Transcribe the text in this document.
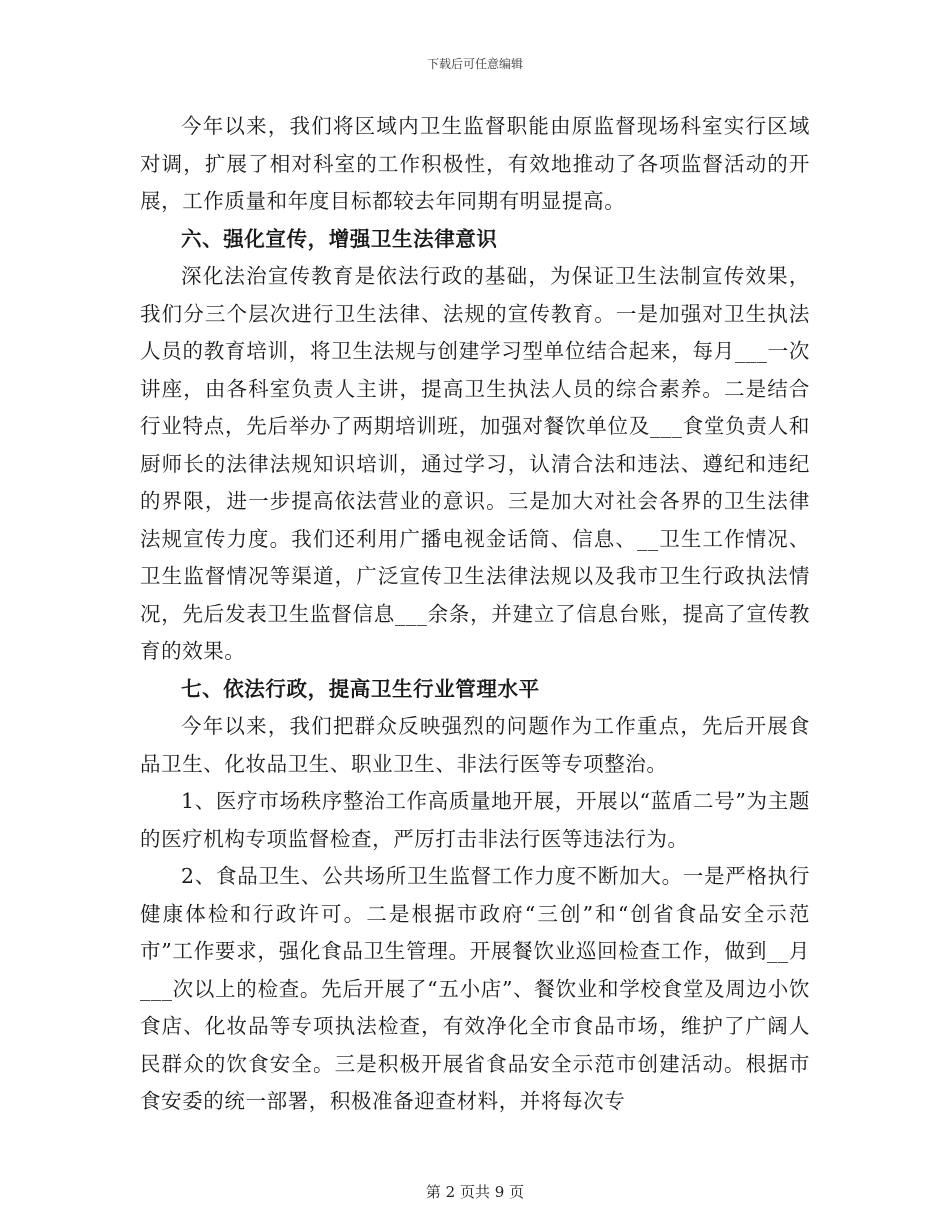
下载后可任意编辑

今年以来，我们将区域内卫生监督职能由原监督现场科室实行区域对调，扩展了相对科室的工作积极性，有效地推动了各项监督活动的开展，工作质量和年度目标都较去年同期有明显提高。

六、强化宣传，增强卫生法律意识

深化法治宣传教育是依法行政的基础，为保证卫生法制宣传效果，我们分三个层次进行卫生法律、法规的宣传教育。一是加强对卫生执法人员的教育培训，将卫生法规与创建学习型单位结合起来，每月___一次讲座，由各科室负责人主讲，提高卫生执法人员的综合素养。二是结合行业特点，先后举办了两期培训班，加强对餐饮单位及___食堂负责人和厨师长的法律法规知识培训，通过学习，认清合法和违法、遵纪和违纪的界限，进一步提高依法营业的意识。三是加大对社会各界的卫生法律法规宣传力度。我们还利用广播电视金话筒、信息、__卫生工作情况、卫生监督情况等渠道，广泛宣传卫生法律法规以及我市卫生行政执法情况，先后发表卫生监督信息___余条，并建立了信息台账，提高了宣传教育的效果。

七、依法行政，提高卫生行业管理水平

今年以来，我们把群众反映强烈的问题作为工作重点，先后开展食品卫生、化妆品卫生、职业卫生、非法行医等专项整治。

1、医疗市场秩序整治工作高质量地开展，开展以“蓝盾二号”为主题的医疗机构专项监督检查，严厉打击非法行医等违法行为。

2、食品卫生、公共场所卫生监督工作力度不断加大。一是严格执行健康体检和行政许可。二是根据市政府“三创”和“创省食品安全示范市”工作要求，强化食品卫生管理。开展餐饮业巡回检查工作，做到__月___次以上的检查。先后开展了“五小店”、餐饮业和学校食堂及周边小饮食店、化妆品等专项执法检查，有效净化全市食品市场，维护了广阔人民群众的饮食安全。三是积极开展省食品安全示范市创建活动。根据市食安委的统一部署，积极准备迎查材料，并将每次专

第 2 页共 9 页
